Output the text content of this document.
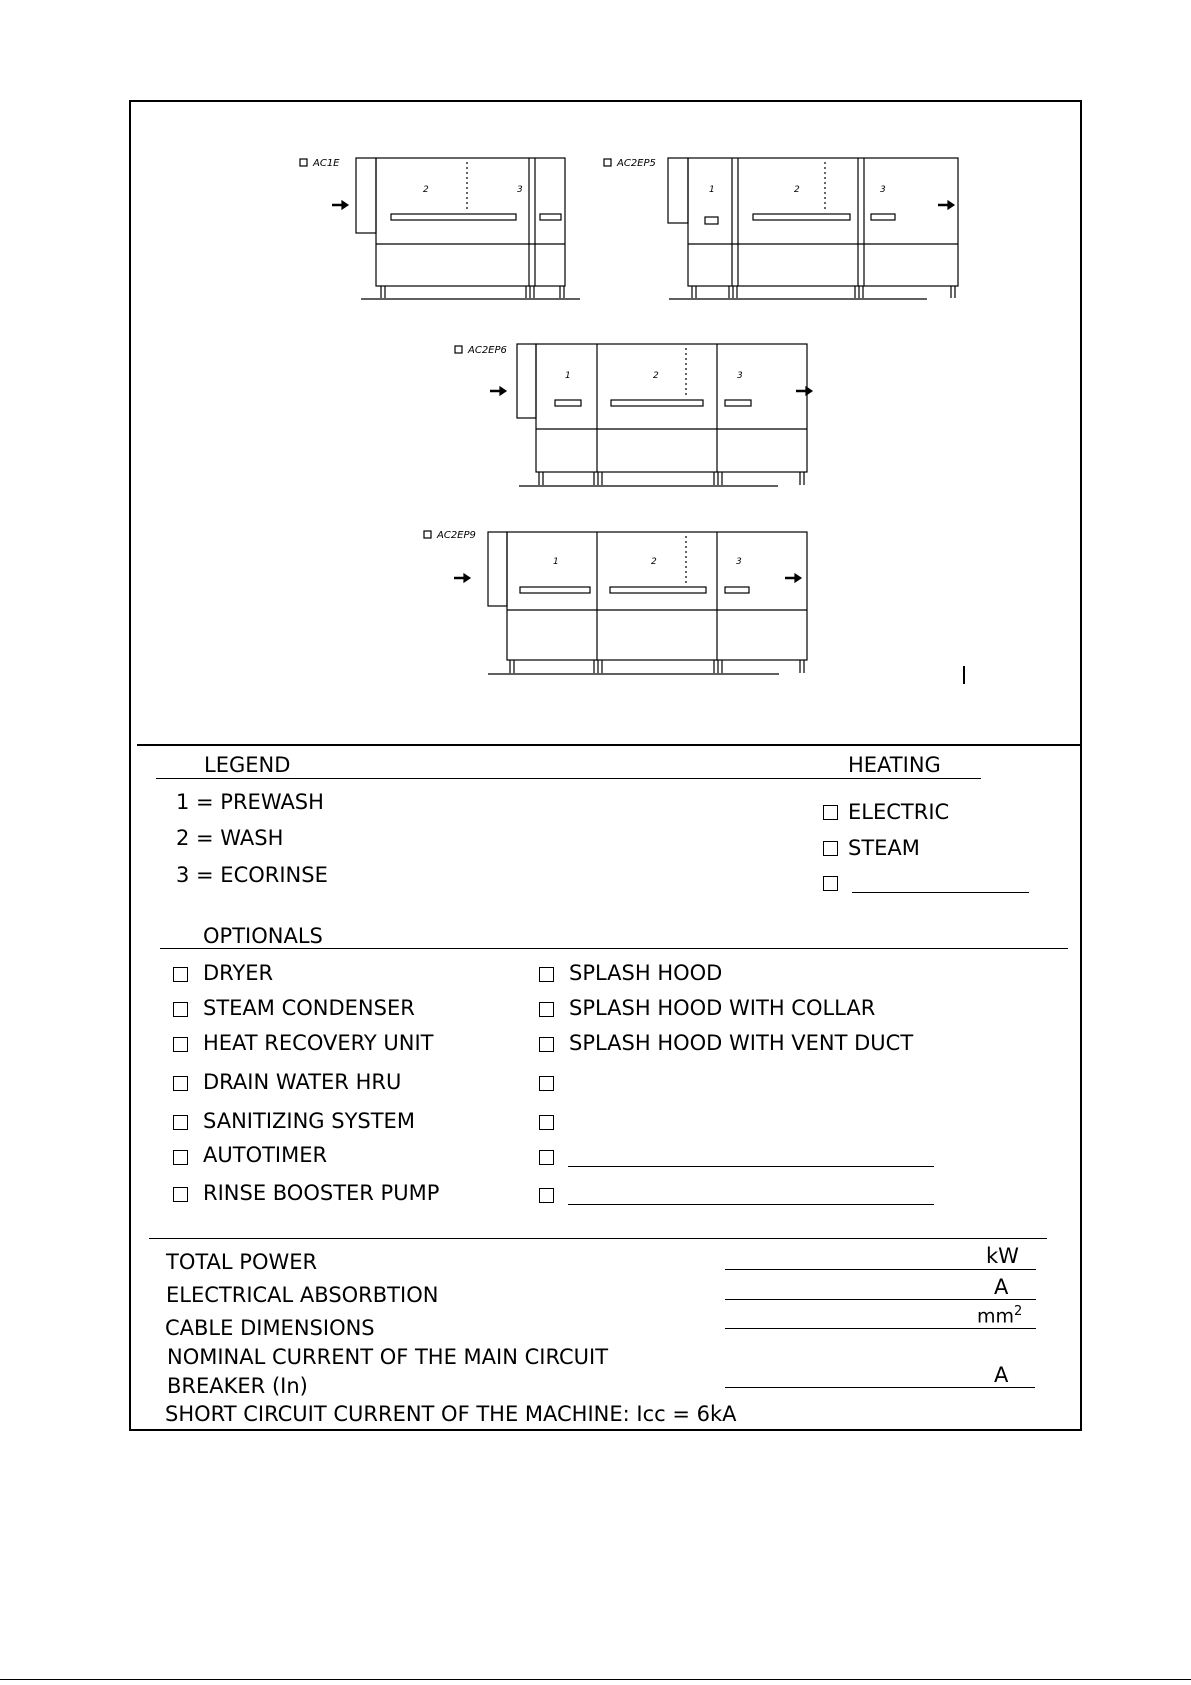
AC1E	AC2EP5
AC2EP6
AC2EP9
2	3	1	2	3
1	2	3
1	2	3
LEGEND
1 = PREWASH
2 = WASH
3 = ECORINSE
HEATING
ELECTRIC
STEAM
OPTIONALS
DRYER
STEAM CONDENSER
HEAT RECOVERY UNIT
DRAIN WATER HRU
SANITIZING SYSTEM
AUTOTIMER
RINSE BOOSTER PUMP
SPLASH HOOD
SPLASH HOOD WITH COLLAR
SPLASH HOOD WITH VENT DUCT
TOTAL POWER	kW
ELECTRICAL ABSORBTION	A
CABLE DIMENSIONS	$mm^2$
NOMINAL CURRENT OF THE MAIN CIRCUIT
BREAKER (In)	A
SHORT CIRCUIT CURRENT OF THE MACHINE: Icc = 6kA
